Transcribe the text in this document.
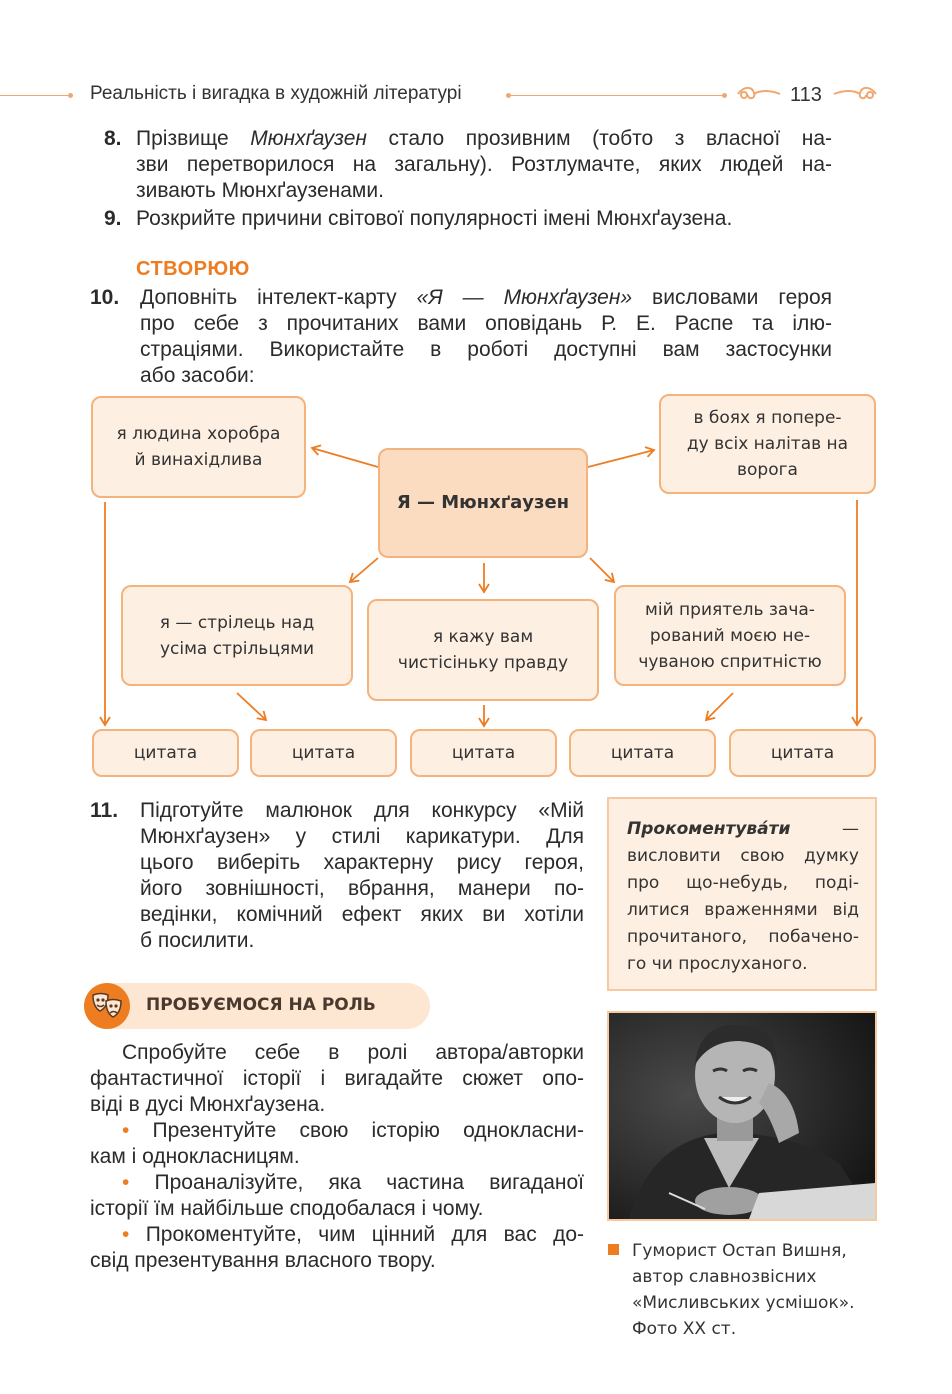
Реальність і вигадка в художній літературі	113
8. Прізвище Мюнхґаузен стало прозивним (тобто з власної на-
зви перетворилося на загальну). Розтлумачте, яких людей на-
зивають Мюнхґаузенами.
9. Розкрийте причини світової популярності імені Мюнхґаузена.
СТВОРЮЮ
10. Доповніть інтелект-карту «Я — Мюнхґаузен» висловами героя
про себе з прочитаних вами оповідань Р. Е. Распе та ілю-
страціями. Використайте в роботі доступні вам застосунки
або засоби:
я людина хоробра
й винахідлива
Я — Мюнхґаузен
в боях я попере-
ду всіх налітав на
ворога
я — стрілець над
усіма стрільцями
я кажу вам
чистісіньку правду
мій приятель зача-
рований моєю не-
чуваною спритністю
цитата	цитата	цитата	цитата	цитата
11. Підготуйте малюнок для конкурсу «Мій
Мюнхґаузен» у стилі карикатури. Для
цього виберіть характерну рису героя,
його зовнішності, вбрання, манери по-
ведінки, комічний ефект яких ви хотіли
б посилити.
Прокоментува́ти —
висловити свою думку
про що-небудь, поді-
литися враженнями від
прочитаного, побачено-
го чи прослуханого.
ПРОБУЄМОСЯ НА РОЛЬ
Спробуйте себе в ролі автора/авторки
фантастичної історії і вигадайте сюжет опо-
віді в дусі Мюнхґаузена.
• Презентуйте свою історію однокласни-
кам і однокласницям.
• Проаналізуйте, яка частина вигаданої
історії їм найбільше сподобалася і чому.
• Прокоментуйте, чим цінний для вас до-
свід презентування власного твору.	Гуморист Остап Вишня,
автор славнозвісних
«Мисливських усмішок».
Фото XX ст.
